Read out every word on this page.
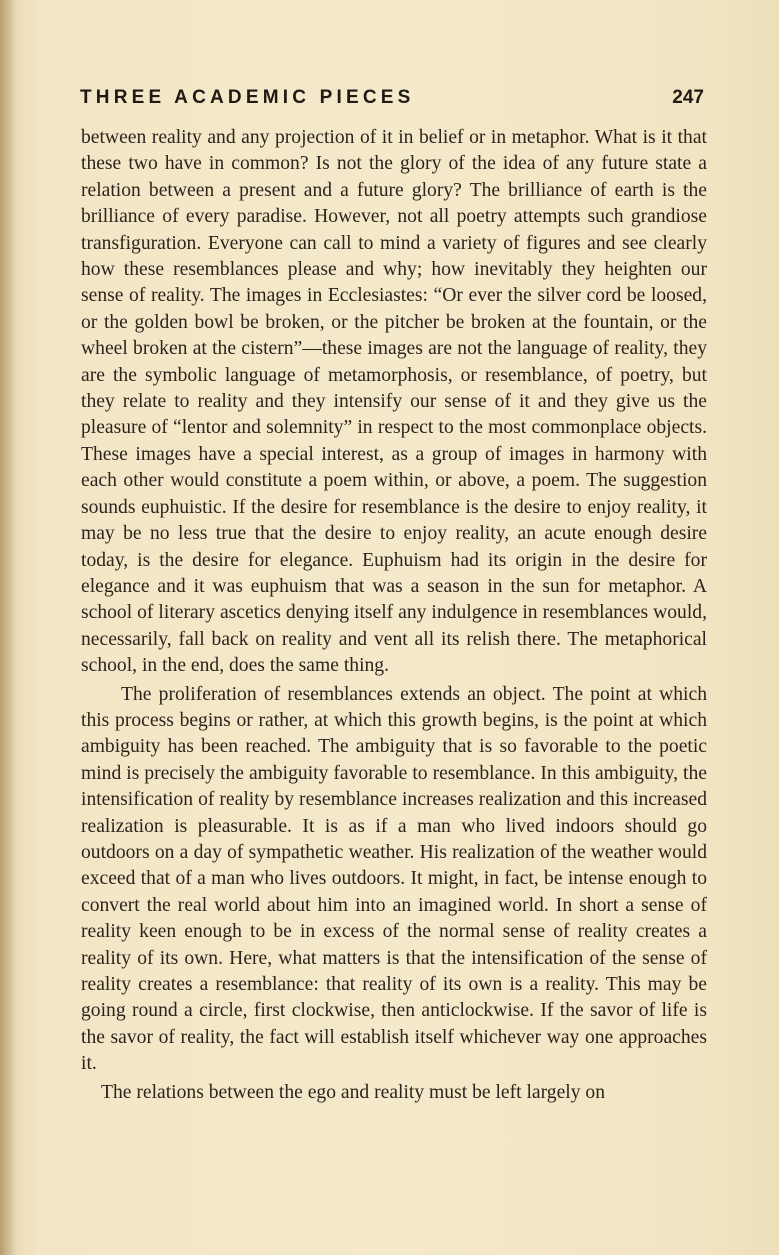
THREE ACADEMIC PIECES	247

between reality and any projection of it in belief or in metaphor. What is it that these two have in common? Is not the glory of the idea of any future state a relation between a present and a future glory? The brilliance of earth is the brilliance of every paradise. However, not all poetry attempts such grandiose transfiguration. Everyone can call to mind a variety of figures and see clearly how these resemblances please and why; how inevitably they heighten our sense of reality. The images in Ecclesiastes: “Or ever the silver cord be loosed, or the golden bowl be broken, or the pitcher be broken at the fountain, or the wheel broken at the cistern”—these images are not the language of reality, they are the symbolic language of metamorphosis, or resemblance, of poetry, but they relate to reality and they intensify our sense of it and they give us the pleasure of “lentor and solemnity” in respect to the most commonplace objects. These images have a special interest, as a group of images in harmony with each other would constitute a poem within, or above, a poem. The suggestion sounds euphuistic. If the desire for resemblance is the desire to enjoy reality, it may be no less true that the desire to enjoy reality, an acute enough desire today, is the desire for elegance. Euphuism had its origin in the desire for elegance and it was euphuism that was a season in the sun for metaphor. A school of literary ascetics denying itself any indulgence in resemblances would, necessarily, fall back on reality and vent all its relish there. The metaphorical school, in the end, does the same thing.

The proliferation of resemblances extends an object. The point at which this process begins or rather, at which this growth begins, is the point at which ambiguity has been reached. The ambiguity that is so favorable to the poetic mind is precisely the ambiguity favorable to resemblance. In this ambiguity, the intensification of reality by resemblance increases realization and this increased realization is pleasurable. It is as if a man who lived indoors should go outdoors on a day of sympathetic weather. His realization of the weather would exceed that of a man who lives outdoors. It might, in fact, be intense enough to convert the real world about him into an imagined world. In short a sense of reality keen enough to be in excess of the normal sense of reality creates a reality of its own. Here, what matters is that the intensification of the sense of reality creates a resemblance: that reality of its own is a reality. This may be going round a circle, first clockwise, then anticlockwise. If the savor of life is the savor of reality, the fact will establish itself whichever way one approaches it.

The relations between the ego and reality must be left largely on
